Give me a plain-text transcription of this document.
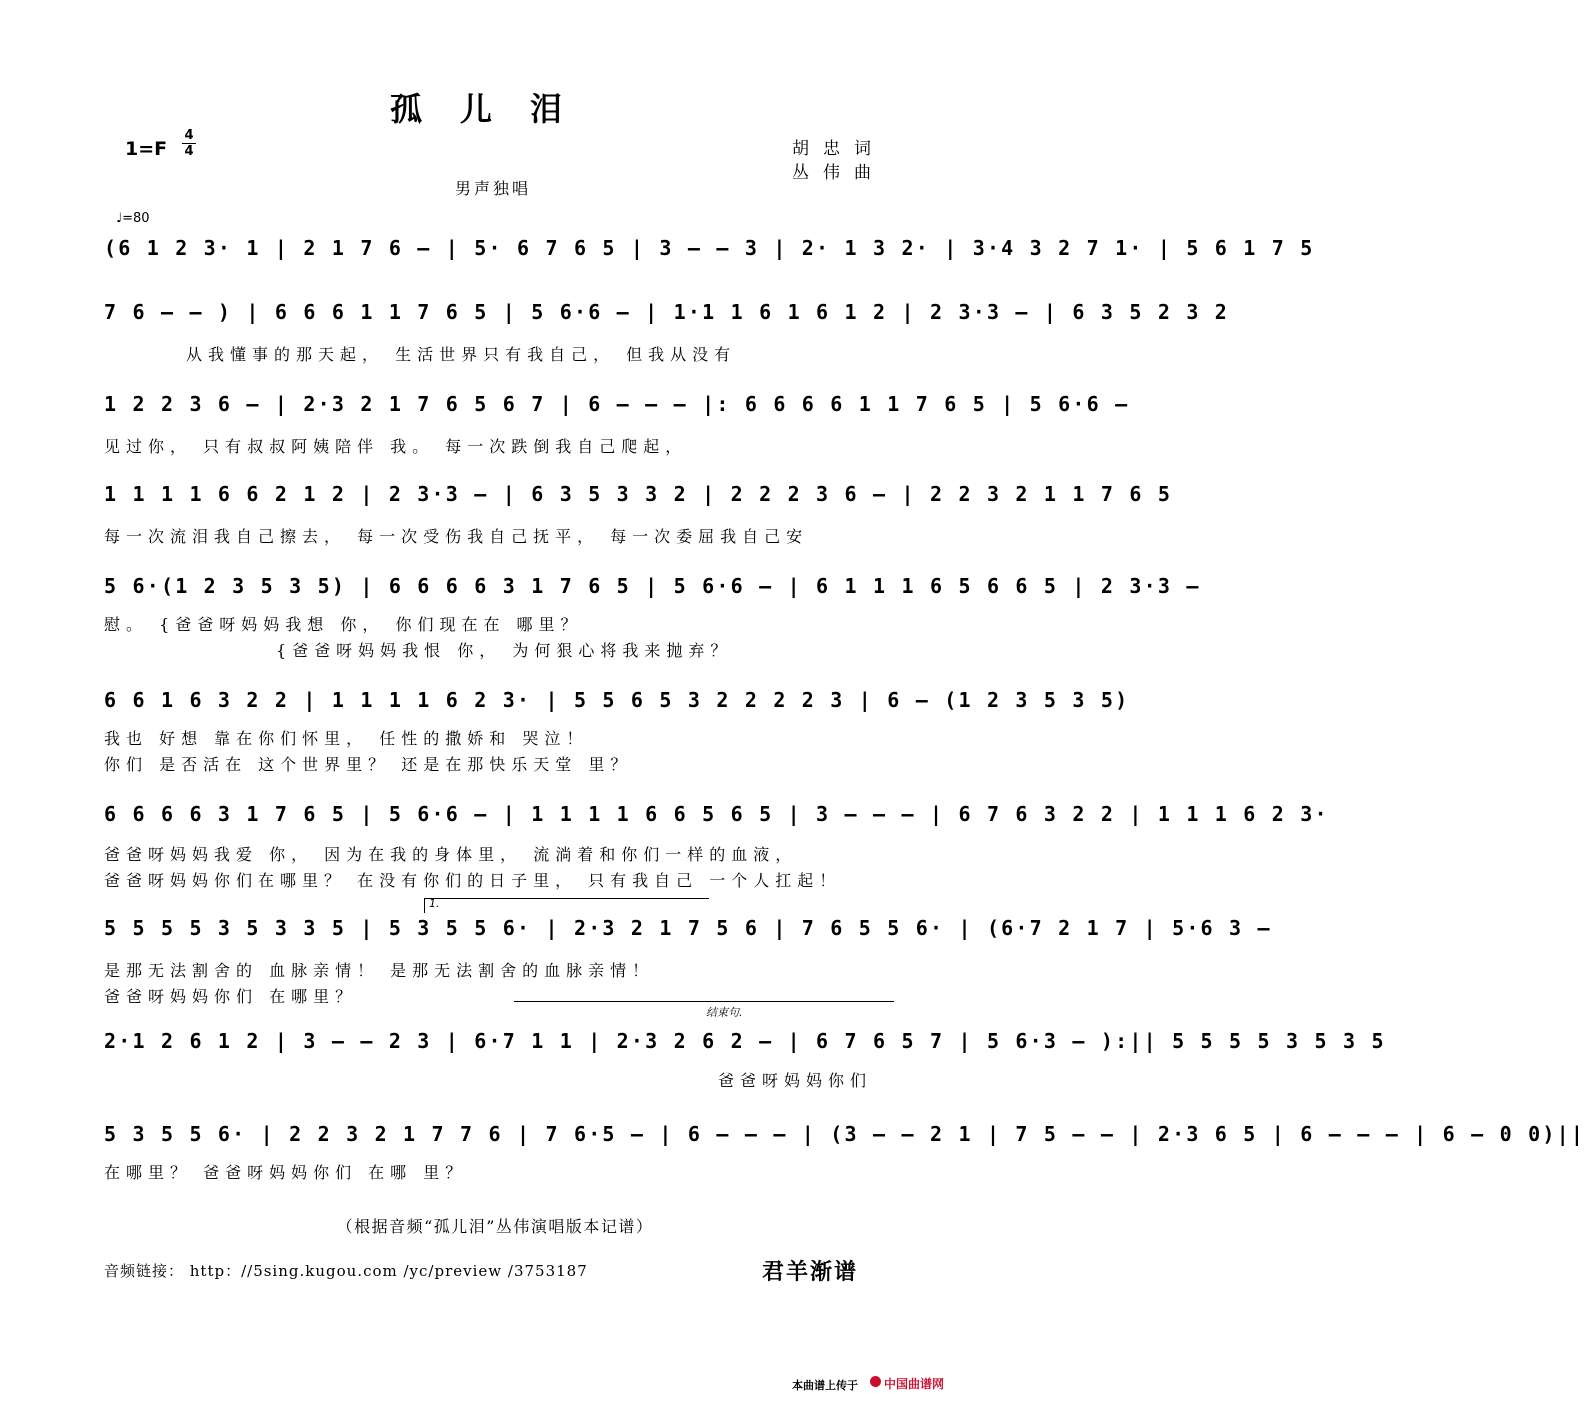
孤儿泪
1=F
4
4	胡忠词
丛伟曲
男声独唱
♩=80
(6 1 2 3· 1 | 2 1 7 6 – | 5· 6 7 6 5 | 3 – – 3 | 2· 1 3 2· | 3·4 3 2 7 1· | 5 6 1 7 5
7 6 – – ) | 6 6 6 1 1 7 6 5 | 5 6·6 – | 1·1 1 6 1 6 1 2 | 2 3·3 – | 6 3 5 2 3 2
1 2 2 3 6 – | 2·3 2 1 7 6 5 6 7 | 6 – – – |: 6 6 6 6 1 1 7 6 5 | 5 6·6 –
1 1 1 1 6 6 2 1 2 | 2 3·3 – | 6 3 5 3 3 2 | 2 2 2 3 6 – | 2 2 3 2 1 1 7 6 5
5 6·(1 2 3 5 3 5) | 6 6 6 6 3 1 7 6 5 | 5 6·6 – | 6 1 1 1 6 5 6 6 5 | 2 3·3 –
6 6 1 6 3 2 2 | 1 1 1 1 6 2 3· | 5 5 6 5 3 2 2 2 2 3 | 6 – (1 2 3 5 3 5)
6 6 6 6 3 1 7 6 5 | 5 6·6 – | 1 1 1 1 6 6 5 6 5 | 3 – – – | 6 7 6 3 2 2 | 1 1 1 6 2 3·
5 5 5 5 3 5 3 3 5 | 5 3 5 5 6· | 2·3 2 1 7 5 6 | 7 6 5 5 6· | (6·7 2 1 7 | 5·6 3 –
2·1 2 6 1 2 | 3 – – 2 3 | 6·7 1 1 | 2·3 2 6 2 – | 6 7 6 5 7 | 5 6·3 – ):|| 5 5 5 5 3 5 3 5
5 3 5 5 6· | 2 2 3 2 1 7 7 6 | 7 6·5 – | 6 – – – | (3 – – 2 1 | 7 5 – – | 2·3 6 5 | 6 – – – | 6 – 0 0)||
从我懂事的那天起， 生活世界只有我自己， 但我从没有
见过你， 只有叔叔阿姨陪伴 我。 每一次跌倒我自己爬起，
每一次流泪我自己擦去， 每一次受伤我自己抚平， 每一次委屈我自己安
慰。 {爸爸呀妈妈我想 你， 你们现在在 哪里？
{爸爸呀妈妈我恨 你， 为何狠心将我来抛弃？
我也 好想 靠在你们怀里， 任性的撒娇和 哭泣！
你们 是否活在 这个世界里？ 还是在那快乐天堂 里？
爸爸呀妈妈我爱 你， 因为在我的身体里， 流淌着和你们一样的血液，
爸爸呀妈妈你们在哪里？ 在没有你们的日子里， 只有我自己 一个人扛起！
是那无法割舍的 血脉亲情！ 是那无法割舍的血脉亲情！
爸爸呀妈妈你们 在哪里？
爸爸呀妈妈你们
在哪里？ 爸爸呀妈妈你们 在哪 里？
1.
结束句.
（根据音频“孤儿泪”丛伟演唱版本记谱）
音频链接： http：//5sing.kugou.com /yc/preview /3753187	君羊渐谱
本曲谱上传于 中国曲谱网
